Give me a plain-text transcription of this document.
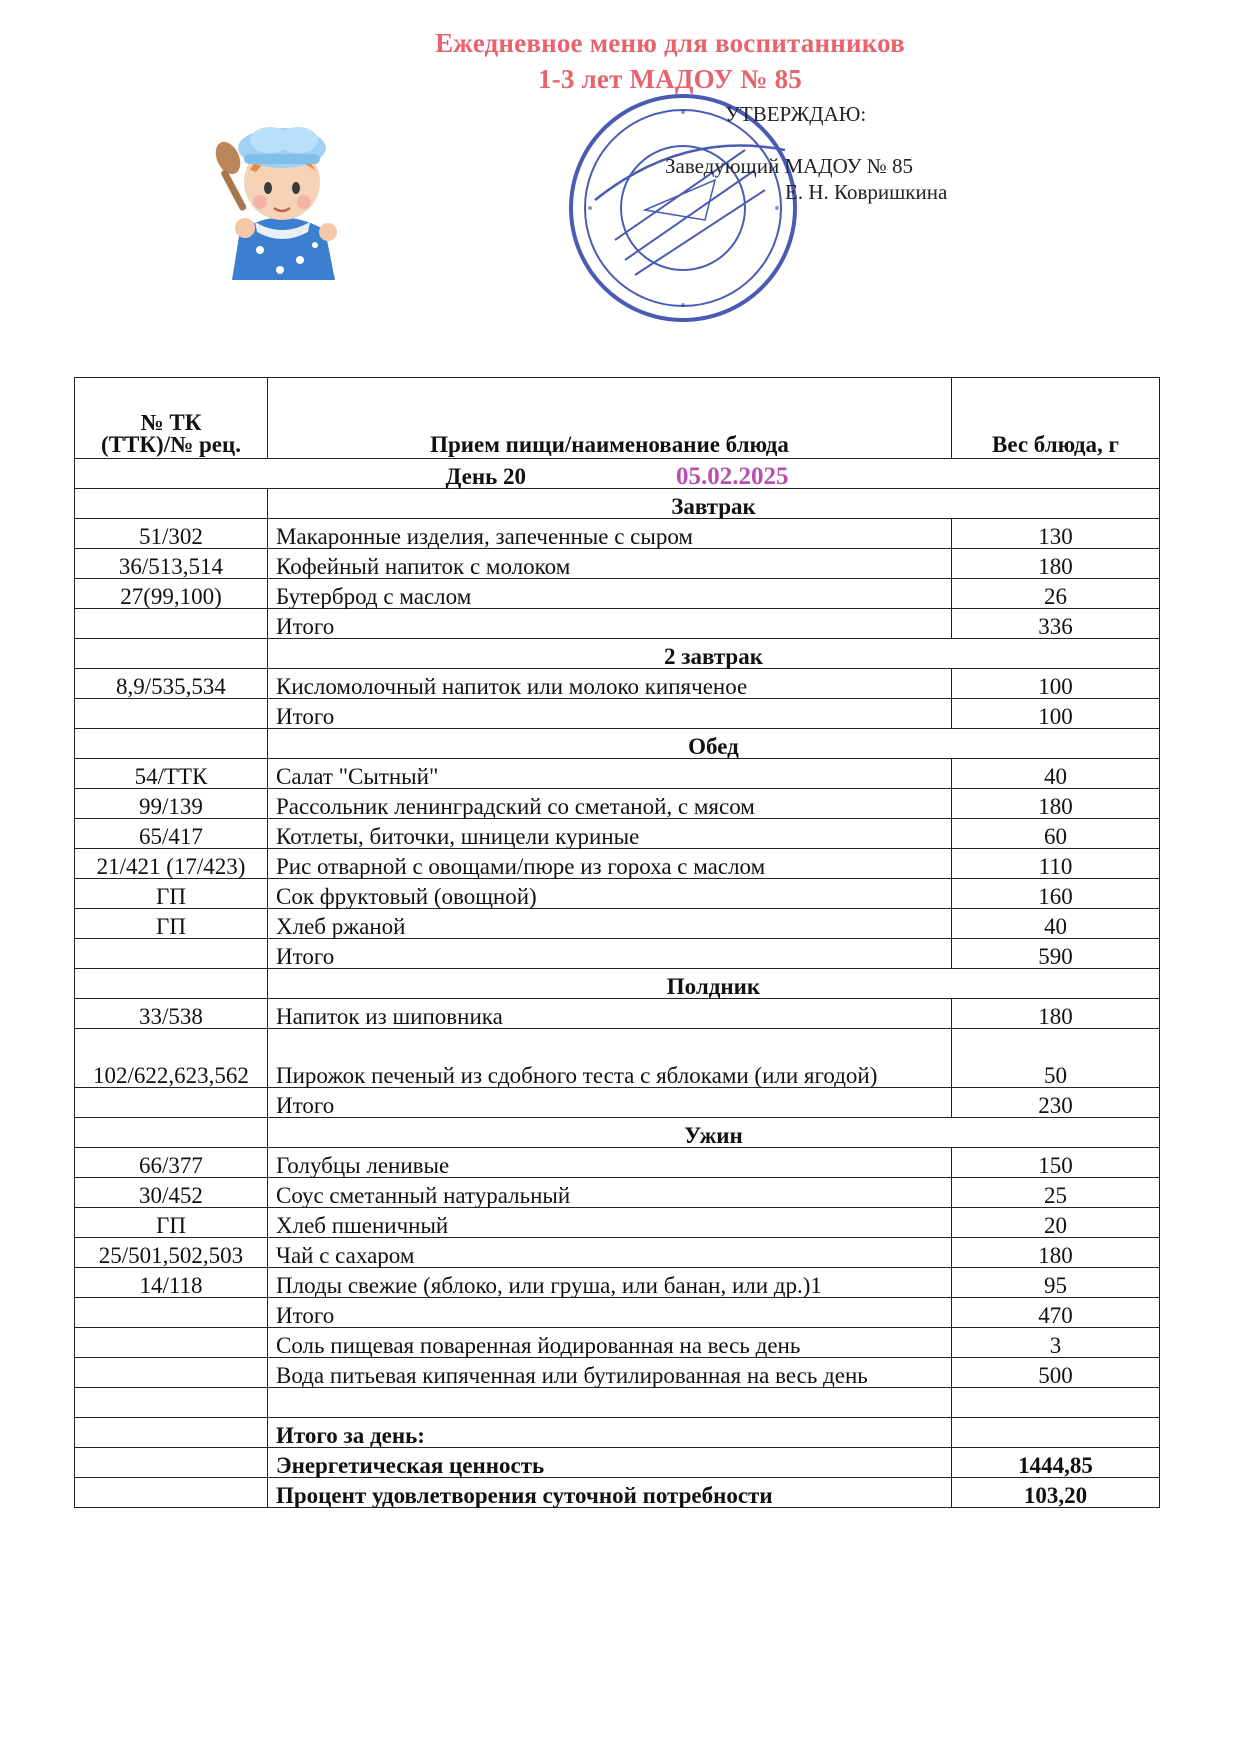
Ежедневное меню для воспитанников
1-3 лет МАДОУ № 85
УТВЕРЖДАЮ:
Заведующий МАДОУ № 85
Е. Н. Ковришкина
№ ТК
(ТТК)/№ рец.	Прием пищи/наименование блюда	Вес блюда, г
День 20 05.02.2025		
	Завтрак	
51/302	Макаронные изделия, запеченные с сыром	130
36/513,514	Кофейный напиток с молоком	180
27(99,100)	Бутерброд с маслом	26
	Итого	336
	2 завтрак	
8,9/535,534	Кисломолочный напиток или молоко кипяченое	100
	Итого	100
	Обед	
54/ТТК	Салат "Сытный"	40
99/139	Рассольник ленинградский со сметаной, с мясом	180
65/417	Котлеты, биточки, шницели куриные	60
21/421 (17/423)	Рис отварной с овощами/пюре из гороха с маслом	110
ГП	Сок фруктовый (овощной)	160
ГП	Хлеб ржаной	40
	Итого	590
	Полдник	
33/538	Напиток из шиповника	180
102/622,623,562	Пирожок печеный из сдобного теста с яблоками (или ягодой)	50
	Итого	230
	Ужин	
66/377	Голубцы ленивые	150
30/452	Соус сметанный натуральный	25
ГП	Хлеб пшеничный	20
25/501,502,503	Чай с сахаром	180
14/118	Плоды свежие (яблоко, или груша, или банан, или др.)1	95
	Итого	470
	Соль пищевая поваренная йодированная на весь день	3
	Вода питьевая кипяченная или бутилированная на весь день	500

	Итого за день:	
	Энергетическая ценность	1444,85
	Процент удовлетворения суточной потребности	103,20
